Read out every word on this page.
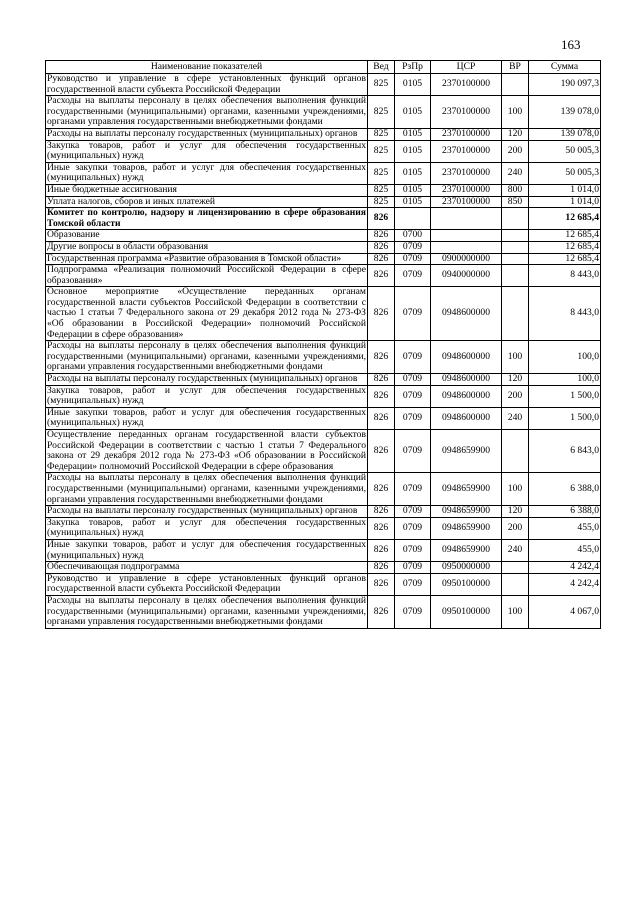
163
Наименование показателей	Вед	РзПр	ЦСР	ВР	Сумма
Руководство и управление в сфере установленных функций органов государственной власти субъекта Российской Федерации	825	0105	2370100000		190 097,3
Расходы на выплаты персоналу в целях обеспечения выполнения функций государственными (муниципальными) органами, казенными учреждениями, органами управления государственными внебюджетными фондами	825	0105	2370100000	100	139 078,0
Расходы на выплаты персоналу государственных (муниципальных) органов	825	0105	2370100000	120	139 078,0
Закупка товаров, работ и услуг для обеспечения государственных (муниципальных) нужд	825	0105	2370100000	200	50 005,3
Иные закупки товаров, работ и услуг для обеспечения государственных (муниципальных) нужд	825	0105	2370100000	240	50 005,3
Иные бюджетные ассигнования	825	0105	2370100000	800	1 014,0
Уплата налогов, сборов и иных платежей	825	0105	2370100000	850	1 014,0
Комитет по контролю, надзору и лицензированию в сфере образования Томской области	826				12 685,4
Образование	826	0700			12 685,4
Другие вопросы в области образования	826	0709			12 685,4
Государственная программа «Развитие образования в Томской области»	826	0709	0900000000		12 685,4
Подпрограмма «Реализация полномочий Российской Федерации в сфере образования»	826	0709	0940000000		8 443,0
Основное мероприятие «Осуществление переданных органам государственной власти субъектов Российской Федерации в соответствии с частью 1 статьи 7 Федерального закона от 29 декабря 2012 года № 273-ФЗ «Об образовании в Российской Федерации» полномочий Российской Федерации в сфере образования»	826	0709	0948600000		8 443,0
Расходы на выплаты персоналу в целях обеспечения выполнения функций государственными (муниципальными) органами, казенными учреждениями, органами управления государственными внебюджетными фондами	826	0709	0948600000	100	100,0
Расходы на выплаты персоналу государственных (муниципальных) органов	826	0709	0948600000	120	100,0
Закупка товаров, работ и услуг для обеспечения государственных (муниципальных) нужд	826	0709	0948600000	200	1 500,0
Иные закупки товаров, работ и услуг для обеспечения государственных (муниципальных) нужд	826	0709	0948600000	240	1 500,0
Осуществление переданных органам государственной власти субъектов Российской Федерации в соответствии с частью 1 статьи 7 Федерального закона от 29 декабря 2012 года № 273-ФЗ «Об образовании в Российской Федерации» полномочий Российской Федерации в сфере образования	826	0709	0948659900		6 843,0
Расходы на выплаты персоналу в целях обеспечения выполнения функций государственными (муниципальными) органами, казенными учреждениями, органами управления государственными внебюджетными фондами	826	0709	0948659900	100	6 388,0
Расходы на выплаты персоналу государственных (муниципальных) органов	826	0709	0948659900	120	6 388,0
Закупка товаров, работ и услуг для обеспечения государственных (муниципальных) нужд	826	0709	0948659900	200	455,0
Иные закупки товаров, работ и услуг для обеспечения государственных (муниципальных) нужд	826	0709	0948659900	240	455,0
Обеспечивающая подпрограмма	826	0709	0950000000		4 242,4
Руководство и управление в сфере установленных функций органов государственной власти субъекта Российской Федерации	826	0709	0950100000		4 242,4
Расходы на выплаты персоналу в целях обеспечения выполнения функций государственными (муниципальными) органами, казенными учреждениями, органами управления государственными внебюджетными фондами	826	0709	0950100000	100	4 067,0
